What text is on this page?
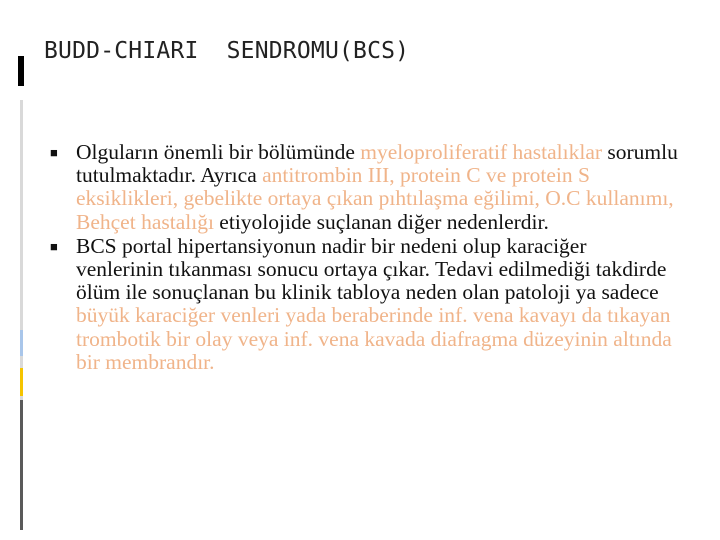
BUDD-CHIARI  SENDROMU(BCS)
■ Olguların önemli bir bölümünde myeloproliferatif hastalıklar sorumlu tutulmaktadır. Ayrıca antitrombin III, protein C ve protein S eksiklikleri, gebelikte ortaya çıkan pıhtılaşma eğilimi, O.C kullanımı, Behçet hastalığı etiyolojide suçlanan diğer nedenlerdir.
■ BCS portal hipertansiyonun nadir bir nedeni olup karaciğer venlerinin tıkanması sonucu ortaya çıkar. Tedavi edilmediği takdirde ölüm ile sonuçlanan bu klinik tabloya neden olan patoloji ya sadece büyük karaciğer venleri yada beraberinde inf. vena kavayı da tıkayan trombotik bir olay veya inf. vena kavada diafragma düzeyinin altında bir membrandır.
